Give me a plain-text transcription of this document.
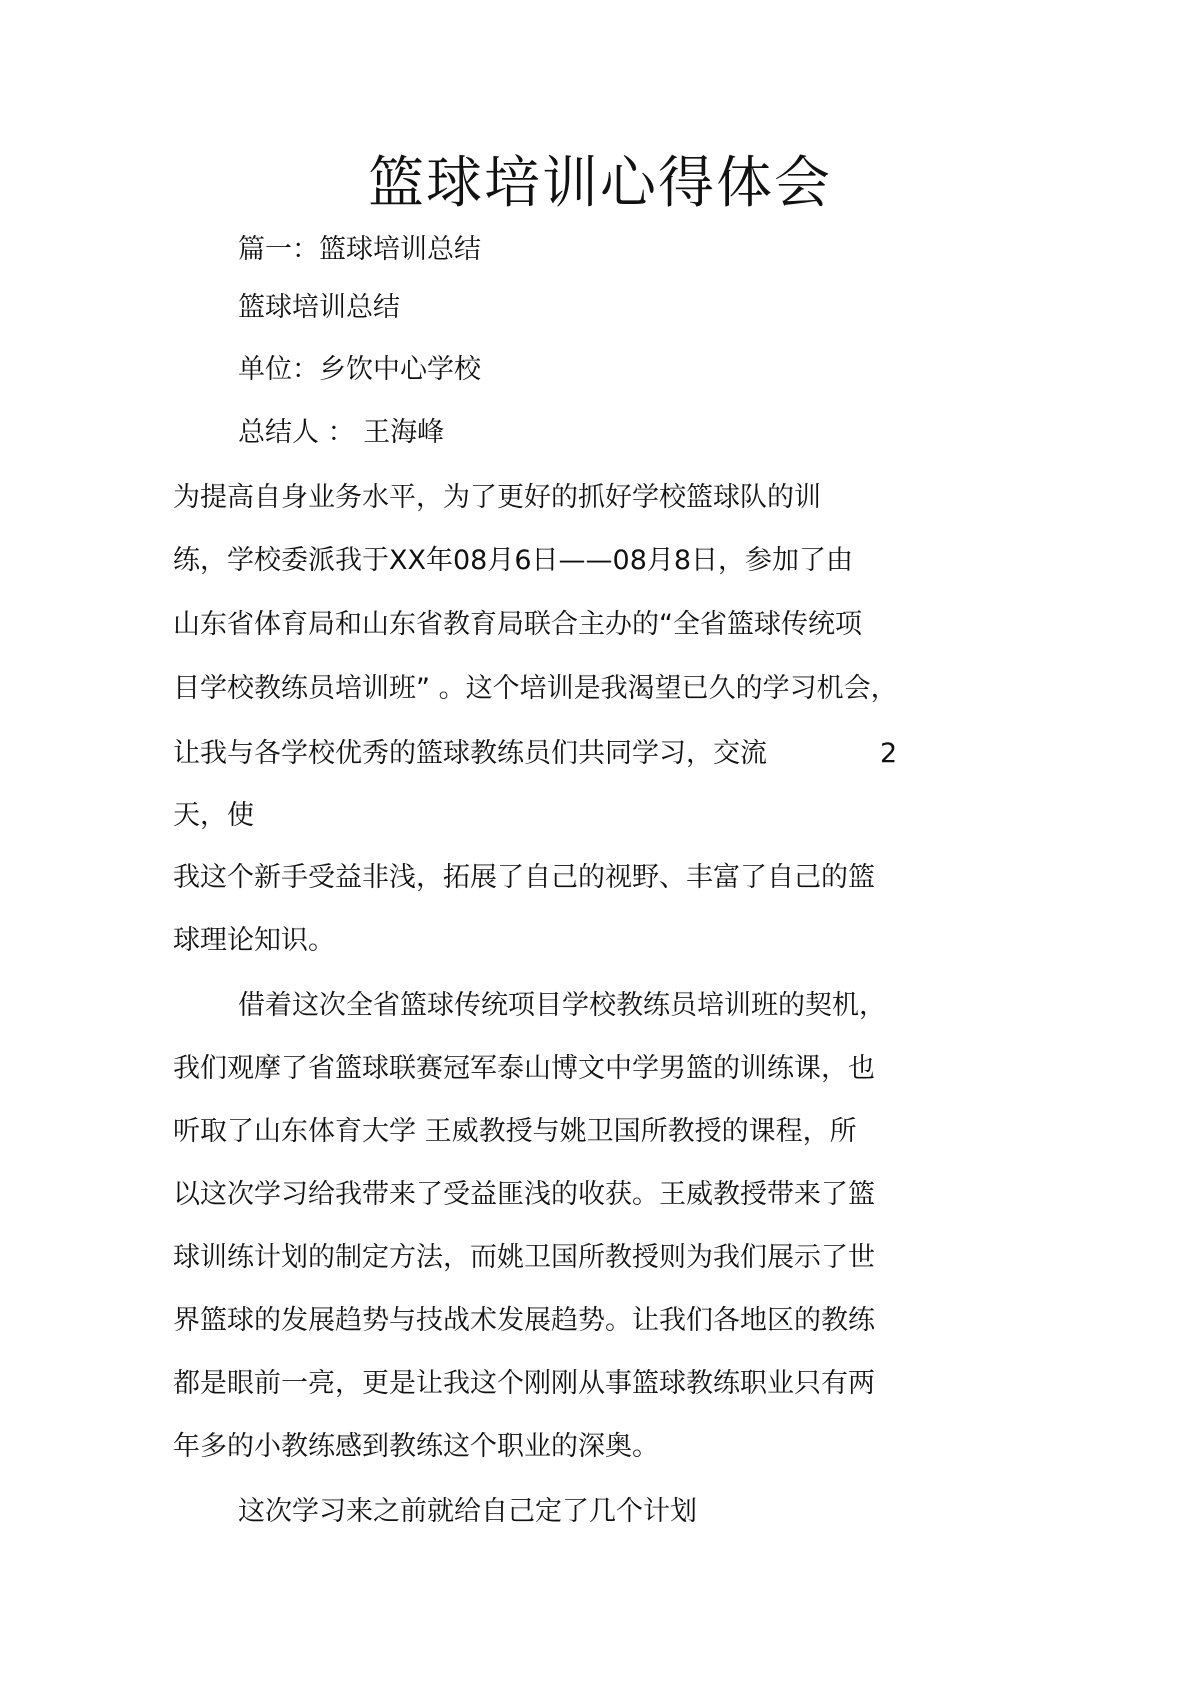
篮球培训心得体会

篇一：篮球培训总结

篮球培训总结

单位：乡饮中心学校

总结人 ： 王海峰

为提高自身业务水平，为了更好的抓好学校篮球队的训

练，学校委派我于XX年08月6日——08月8日，参加了由

山东省体育局和山东省教育局联合主办的“全省篮球传统项

目学校教练员培训班” 。这个培训是我渴望已久的学习机会，

让我与各学校优秀的篮球教练员们共同学习，交流	2

天，使

我这个新手受益非浅，拓展了自己的视野、丰富了自己的篮

球理论知识。

借着这次全省篮球传统项目学校教练员培训班的契机，

我们观摩了省篮球联赛冠军泰山博文中学男篮的训练课，也

听取了山东体育大学 王威教授与姚卫国所教授的课程，所

以这次学习给我带来了受益匪浅的收获。王威教授带来了篮

球训练计划的制定方法，而姚卫国所教授则为我们展示了世

界篮球的发展趋势与技战术发展趋势。让我们各地区的教练

都是眼前一亮，更是让我这个刚刚从事篮球教练职业只有两

年多的小教练感到教练这个职业的深奥。

这次学习来之前就给自己定了几个计划
